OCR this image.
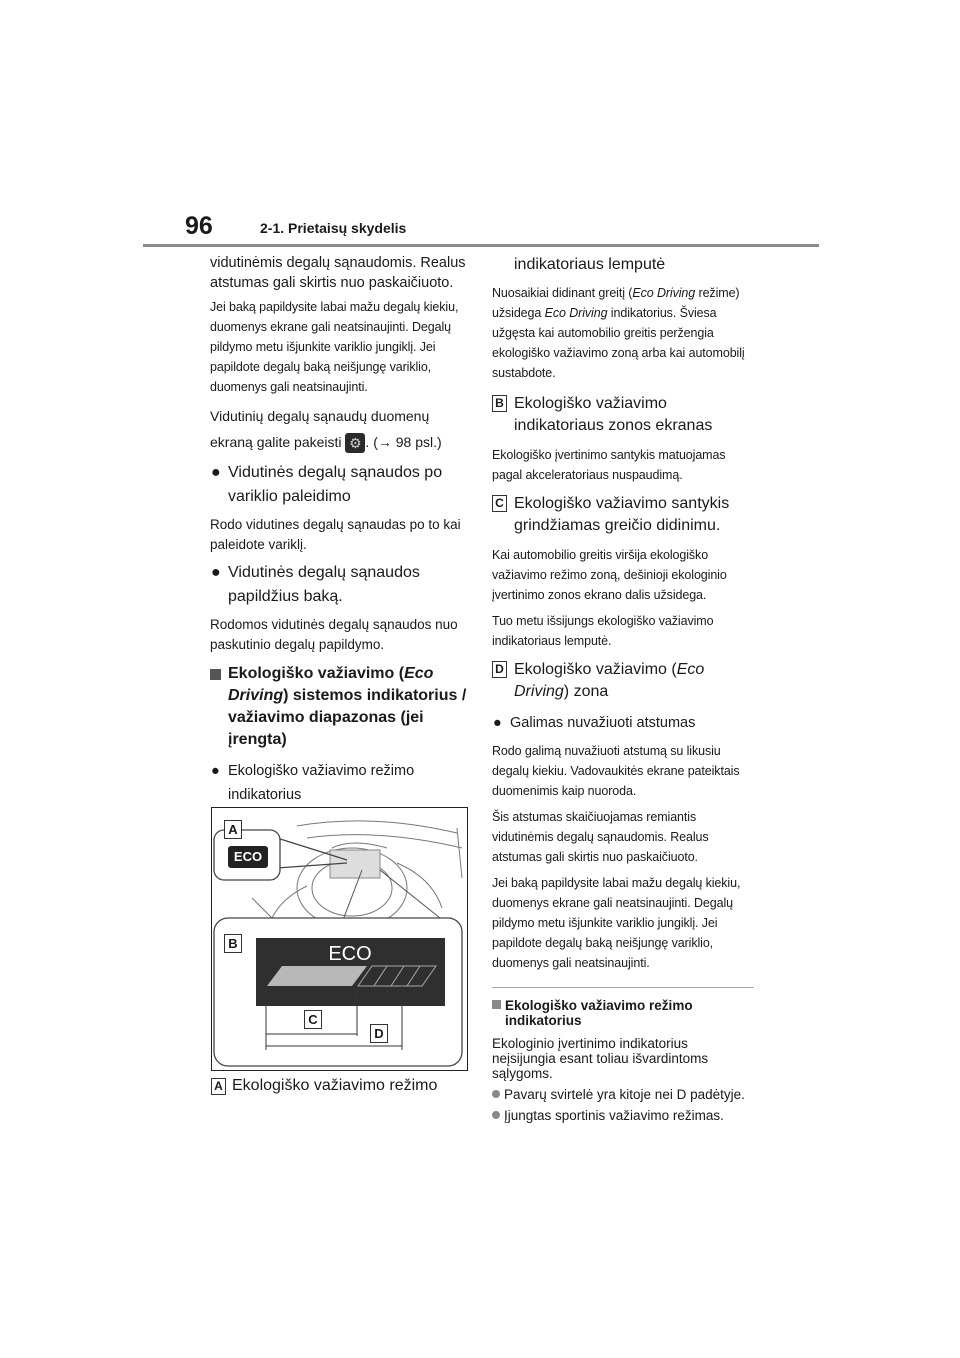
96	2-1. Prietaisų skydelis

vidutinėmis degalų sąnaudomis. Realus atstumas gali skirtis nuo paskaičiuoto.

Jei baką papildysite labai mažu degalų kiekiu, duomenys ekrane gali neatsinaujinti. Degalų pildymo metu išjunkite variklio jungiklį. Jei papildote degalų baką neišjungę variklio, duomenys gali neatsinaujinti.

Vidutinių degalų sąnaudų duomenų ekraną galite pakeisti ⚙ . (→ 98 psl.)

● Vidutinės degalų sąnaudos po variklio paleidimo

Rodo vidutines degalų sąnaudas po to kai paleidote variklį.

● Vidutinės degalų sąnaudos papildžius baką.

Rodomos vidutinės degalų sąnaudos nuo paskutinio degalų papildymo.

Ekologiško važiavimo (Eco Driving) sistemos indikatorius / važiavimo diapazonas (jei įrengta)
● Ekologiško važiavimo režimo indikatorius
A
ECO
B	ECO
C
D
A Ekologiško važiavimo režimo

indikatoriaus lemputė

Nuosaikiai didinant greitį (Eco Driving režime) užsidega Eco Driving indikatorius. Šviesa užgęsta kai automobilio greitis peržengia ekologiško važiavimo zoną arba kai automobilį sustabdote.

B Ekologiško važiavimo indikatoriaus zonos ekranas

Ekologiško įvertinimo santykis matuojamas pagal akceleratoriaus nuspaudimą.

C Ekologiško važiavimo santykis grindžiamas greičio didinimu.

Kai automobilio greitis viršija ekologiško važiavimo režimo zoną, dešinioji ekologinio įvertinimo zonos ekrano dalis užsidega.

Tuo metu išsijungs ekologiško važiavimo indikatoriaus lemputė.

D Ekologiško važiavimo (Eco Driving) zona
● Galimas nuvažiuoti atstumas

Rodo galimą nuvažiuoti atstumą su likusiu degalų kiekiu. Vadovaukitės ekrane pateiktais duomenimis kaip nuoroda.

Šis atstumas skaičiuojamas remiantis vidutinėmis degalų sąnaudomis. Realus atstumas gali skirtis nuo paskaičiuoto.

Jei baką papildysite labai mažu degalų kiekiu, duomenys ekrane gali neatsinaujinti. Degalų pildymo metu išjunkite variklio jungiklį. Jei papildote degalų baką neišjungę variklio, duomenys gali neatsinaujinti.

Ekologiško važiavimo režimo indikatorius

Ekologinio įvertinimo indikatorius neįsijungia esant toliau išvardintoms sąlygoms.

Pavarų svirtelė yra kitoje nei D padėtyje.
Įjungtas sportinis važiavimo režimas.
